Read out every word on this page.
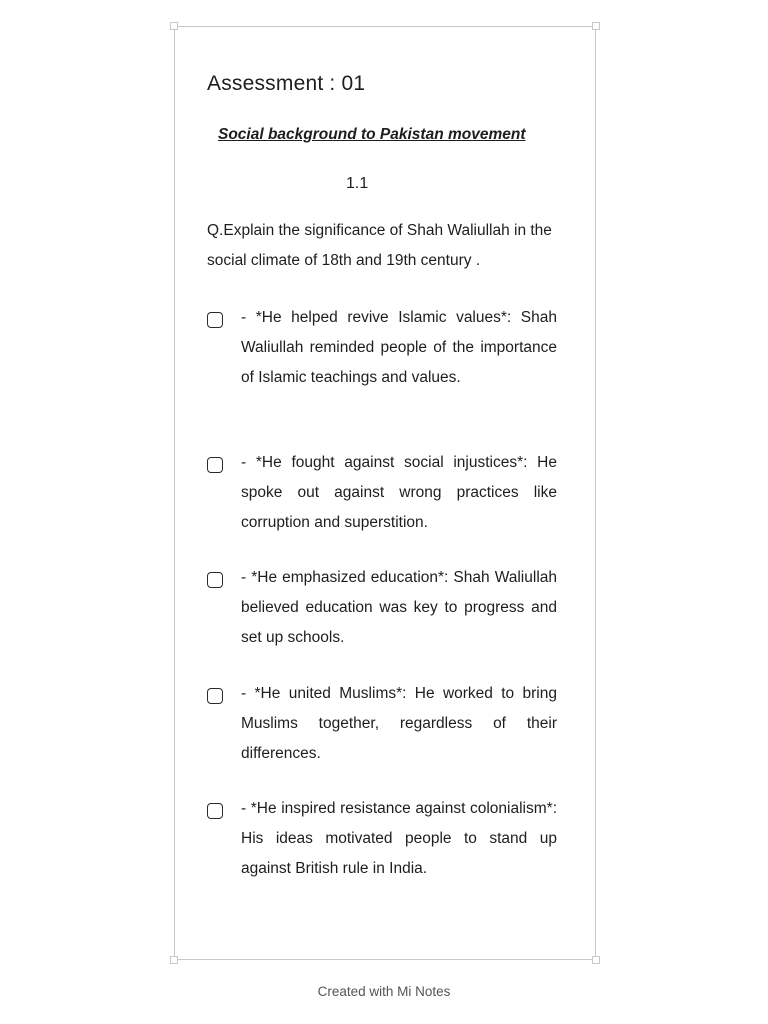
Assessment : 01
Social background to Pakistan movement
1.1
Q.Explain the significance of Shah Waliullah in the social climate of 18th and 19th century .
- *He helped revive Islamic values*: Shah Waliullah reminded people of the importance of Islamic teachings and values.
- *He fought against social injustices*: He spoke out against wrong practices like corruption and superstition.
- *He emphasized education*: Shah Waliullah believed education was key to progress and set up schools.
- *He united Muslims*: He worked to bring Muslims together, regardless of their differences.
- *He inspired resistance against colonialism*: His ideas motivated people to stand up against British rule in India.
Created with Mi Notes
